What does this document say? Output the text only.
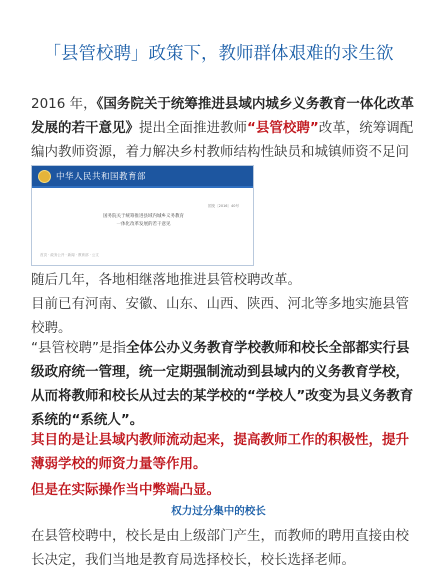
「县管校聘」政策下，教师群体艰难的求生欲
2016 年，《国务院关于统筹推进县域内城乡义务教育一体化改革发展的若干意见》提出全面推进教师“县管校聘”改革，统筹调配编内教师资源，着力解决乡村教师结构性缺员和城镇师资不足问
中华人民共和国教育部
国发〔2016〕40号
国务院关于统筹推进县域内城乡义务教育
一体化改革发展的若干意见
首页 · 政务公开 · 新闻 · 教育部 · 公文
随后几年，各地相继落地推进县管校聘改革。
目前已有河南、安徽、山东、山西、陕西、河北等多地实施县管校聘。
“县管校聘”是指全体公办义务教育学校教师和校长全部都实行县级政府统一管理，统一定期强制流动到县域内的义务教育学校，从而将教师和校长从过去的某学校的“学校人”改变为县义务教育系统的“系统人”。
其目的是让县域内教师流动起来，提高教师工作的积极性，提升薄弱学校的师资力量等作用。
但是在实际操作当中弊端凸显。
权力过分集中的校长
在县管校聘中，校长是由上级部门产生，而教师的聘用直接由校长决定，我们当地是教育局选择校长，校长选择老师。
